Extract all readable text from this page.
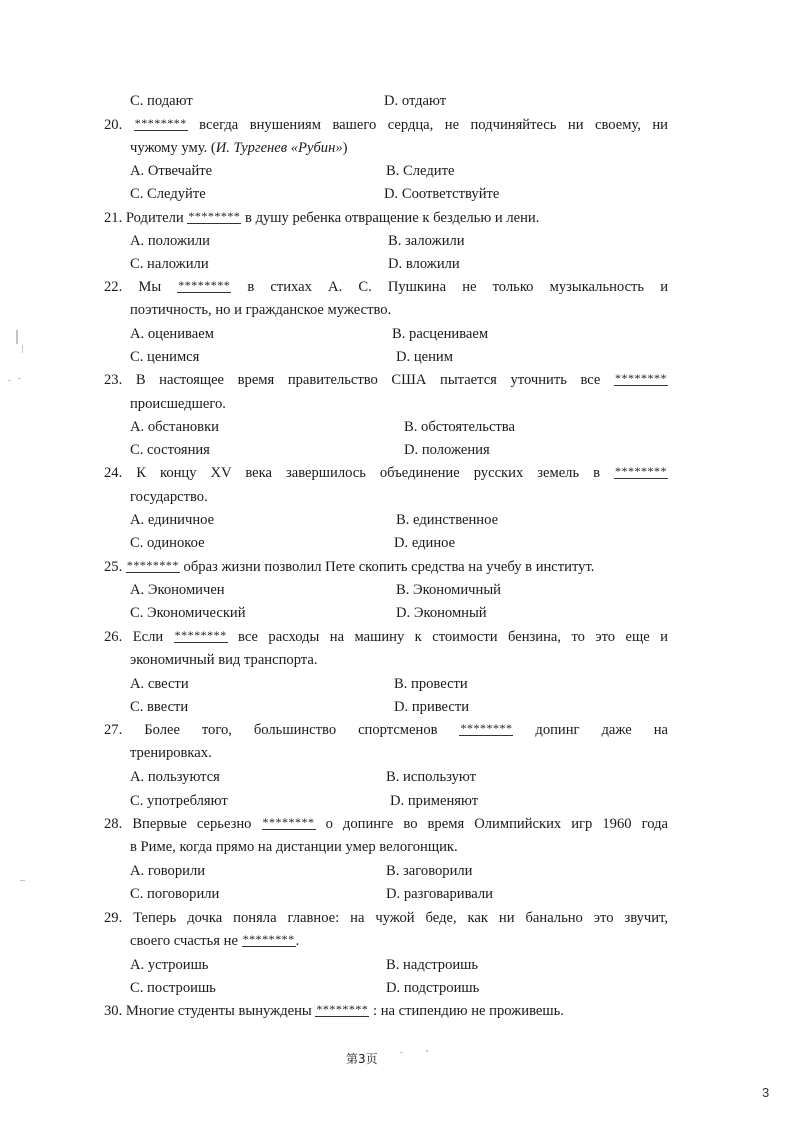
C. подают	D. отдают
20. ******** всегда внушениям вашего сердца, не подчиняйтесь ни своему, ни
чужому уму. (И. Тургенев «Рубин»)
A. Отвечайте	B. Следите
C. Следуйте	D. Соответствуйте
21. Родители ******** в душу ребенка отвращение к безделью и лени.
A. положили	B. заложили
C. наложили	D. вложили
22. Мы ******** в стихах А. С. Пушкина не только музыкальность и
поэтичность, но и гражданское мужество.
A. оцениваем	B. расцениваем
C. ценимся	D. ценим
23. В настоящее время правительство США пытается уточнить все ********
происшедшего.
A. обстановки	B. обстоятельства
C. состояния	D. положения
24. К концу XV века завершилось объединение русских земель в ********
государство.
A. единичное	B. единственное
C. одинокое	D. единое
25. ******** образ жизни позволил Пете скопить средства на учебу в институт.
A. Экономичен	B. Экономичный
C. Экономический	D. Экономный
26. Если ******** все расходы на машину к стоимости бензина, то это еще и
экономичный вид транспорта.
A. свести	B. провести
C. ввести	D. привести
27. Более того, большинство спортсменов ******** допинг даже на
тренировках.
A. пользуются	B. используют
C. употребляют	D. применяют
28. Впервые серьезно ******** о допинге во время Олимпийских игр 1960 года
в Риме, когда прямо на дистанции умер велогонщик.
A. говорили	B. заговорили
C. поговорили	D. разговаривали
29. Теперь дочка поняла главное: на чужой беде, как ни банально это звучит,
своего счастья не ********.
A. устроишь	B. надстроишь
C. построишь	D. подстроишь
30. Многие студенты вынуждены ******** : на стипендию не проживешь.
第3页
3
